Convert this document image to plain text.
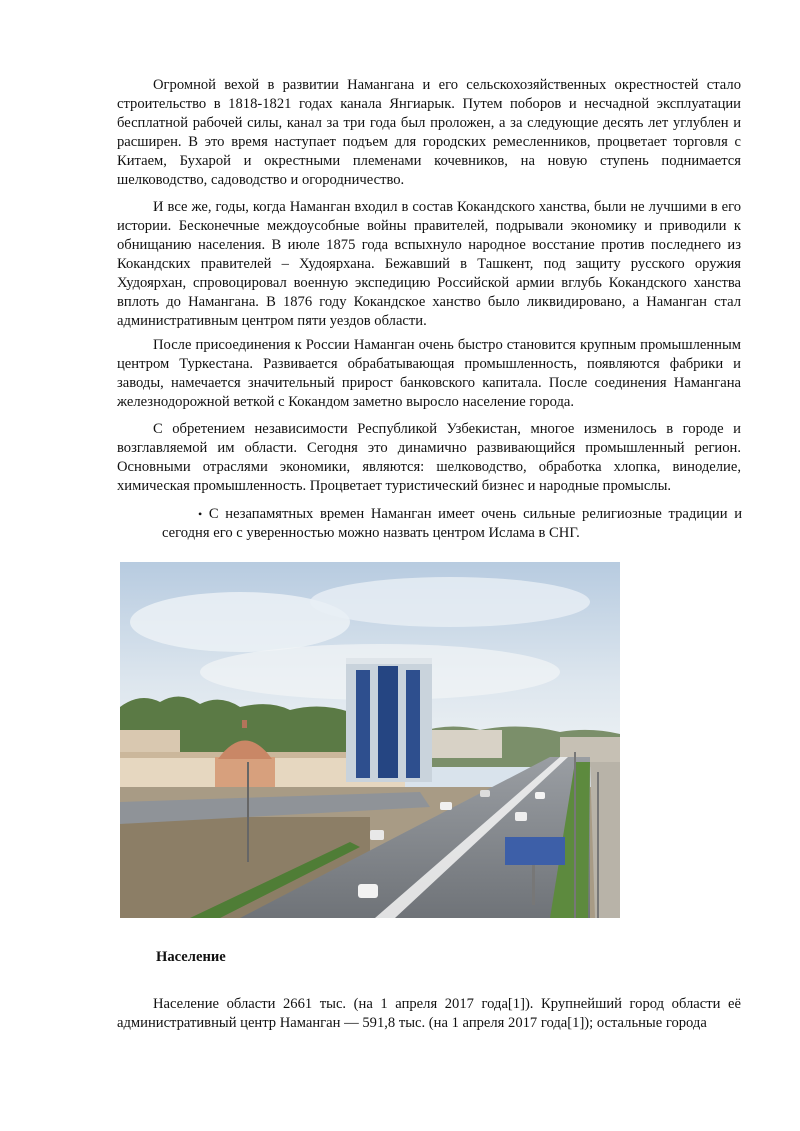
Огромной вехой в развитии Намангана и его сельскохозяйственных окрестностей стало строительство в 1818-1821 годах канала Янгиарык. Путем поборов и несчадной эксплуатации бесплатной рабочей силы, канал за три года был проложен, а за следующие десять лет углублен и расширен. В это время наступает подъем для городских ремесленников, процветает торговля с Китаем, Бухарой и окрестными племенами кочевников, на новую ступень поднимается шелководство, садоводство и огородничество.

И все же, годы, когда Наманган входил в состав Кокандского ханства, были не лучшими в его истории. Бесконечные междоусобные войны правителей, подрывали экономику и приводили к обнищанию населения. В июле 1875 года вспыхнуло народное восстание против последнего из Кокандских правителей – Худоярхана. Бежавший в Ташкент, под защиту русского оружия Худоярхан, спровоцировал военную экспедицию Российской армии вглубь Кокандского ханства вплоть до Намангана. В 1876 году Кокандское ханство было ликвидировано, а Наманган стал административным центром пяти уездов области.

После присоединения к России Наманган очень быстро становится крупным промышленным центром Туркестана. Развивается обрабатывающая промышленность, появляются фабрики и заводы, намечается значительный прирост банковского капитала. После соединения Намангана железнодорожной веткой с Кокандом заметно выросло население города.

С обретением независимости Республикой Узбекистан, многое изменилось в городе и возглавляемой им области. Сегодня это динамично развивающийся промышленный регион. Основными отраслями экономики, являются: шелководство, обработка хлопка, виноделие, химическая промышленность. Процветает туристический бизнес и народные промыслы.

• С незапамятных времен Наманган имеет очень сильные религиозные традиции и сегодня его с уверенностью можно назвать центром Ислама в СНГ.

Население

Население области 2661 тыс. (на 1 апреля 2017 года[1]). Крупнейший город области её административный центр Наманган — 591,8 тыс. (на 1 апреля 2017 года[1]); остальные города
